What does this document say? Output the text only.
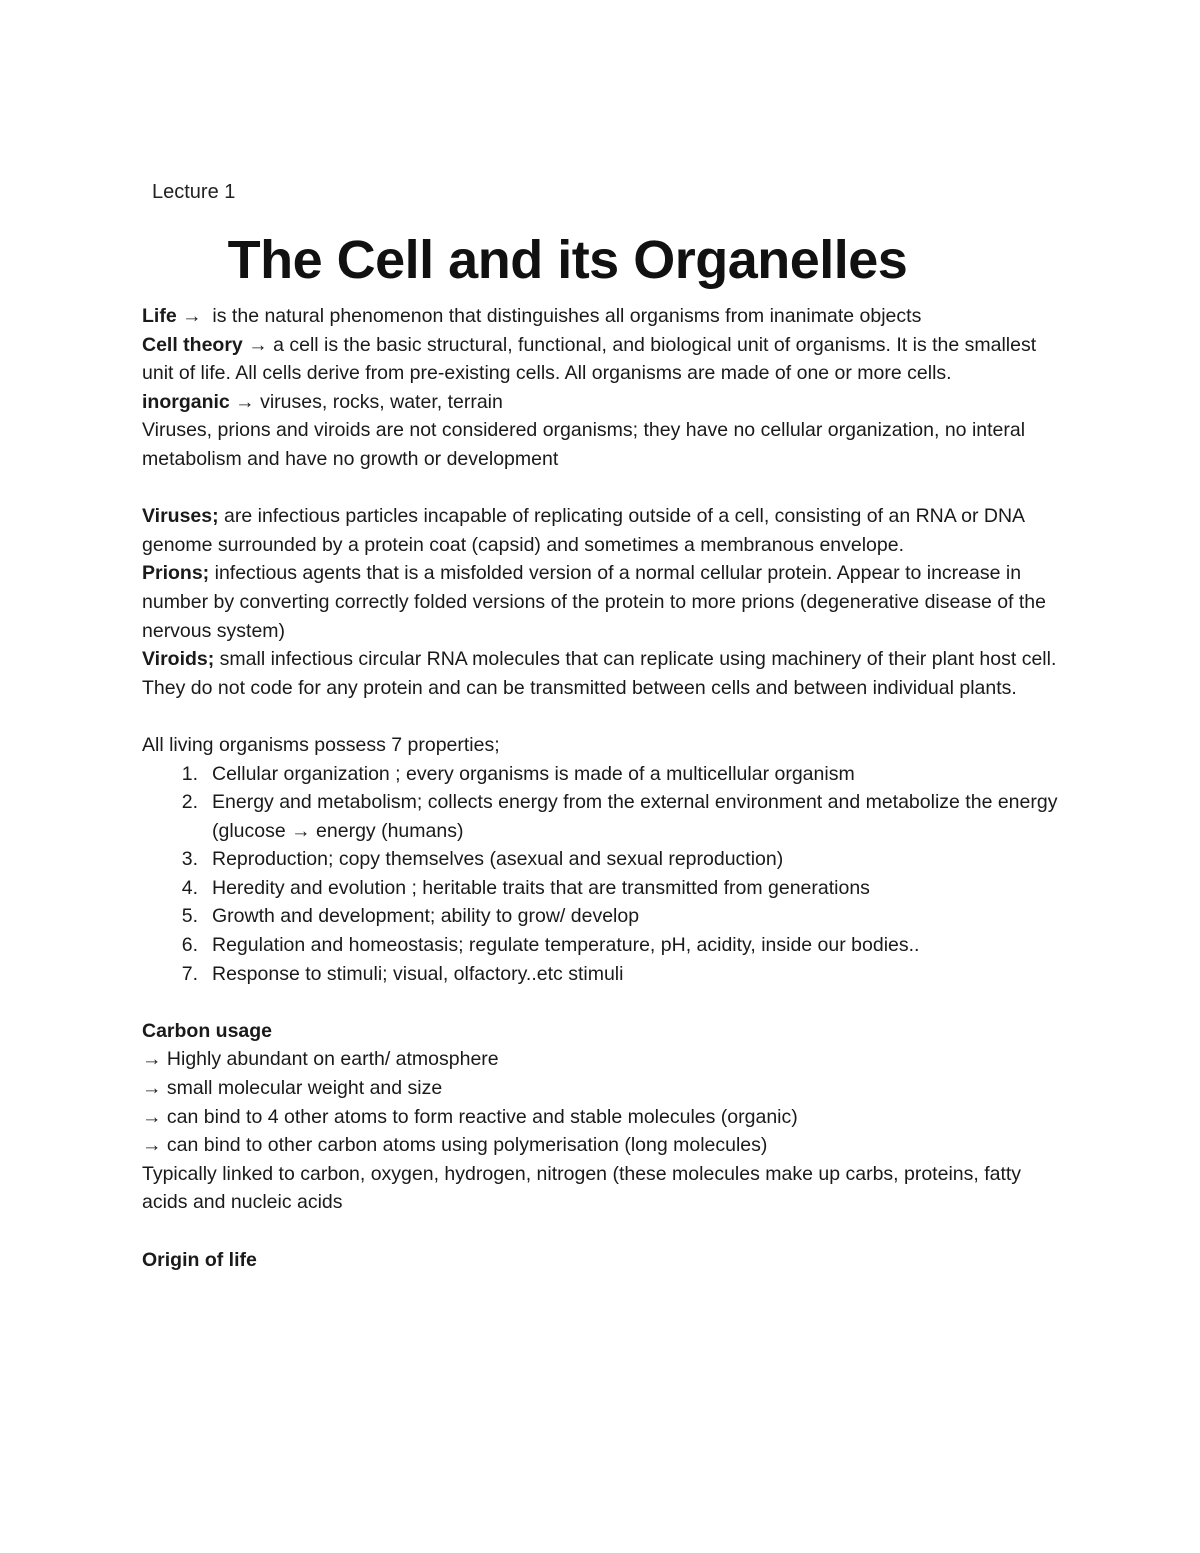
Lecture 1
The Cell and its Organelles

Life →  is the natural phenomenon that distinguishes all organisms from inanimate objects

Cell theory → a cell is the basic structural, functional, and biological unit of organisms. It is the smallest unit of life. All cells derive from pre-existing cells. All organisms are made of one or more cells.

inorganic → viruses, rocks, water, terrain

Viruses, prions and viroids are not considered organisms; they have no cellular organization, no interal metabolism and have no growth or development

Viruses; are infectious particles incapable of replicating outside of a cell, consisting of an RNA or DNA genome surrounded by a protein coat (capsid) and sometimes a membranous envelope.

Prions; infectious agents that is a misfolded version of a normal cellular protein. Appear to increase in number by converting correctly folded versions of the protein to more prions (degenerative disease of the nervous system)

Viroids; small infectious circular RNA molecules that can replicate using machinery of their plant host cell. They do not code for any protein and can be transmitted between cells and between individual plants.

All living organisms possess 7 properties;

1. Cellular organization ; every organisms is made of a multicellular organism
2. Energy and metabolism; collects energy from the external environment and metabolize the energy (glucose → energy (humans)
3. Reproduction; copy themselves (asexual and sexual reproduction)
4. Heredity and evolution ; heritable traits that are transmitted from generations
5. Growth and development; ability to grow/ develop
6. Regulation and homeostasis; regulate temperature, pH, acidity, inside our bodies..
7. Response to stimuli; visual, olfactory..etc stimuli

Carbon usage

→ Highly abundant on earth/ atmosphere

→ small molecular weight and size

→ can bind to 4 other atoms to form reactive and stable molecules (organic)

→ can bind to other carbon atoms using polymerisation (long molecules)

Typically linked to carbon, oxygen, hydrogen, nitrogen (these molecules make up carbs, proteins, fatty acids and nucleic acids

Origin of life
